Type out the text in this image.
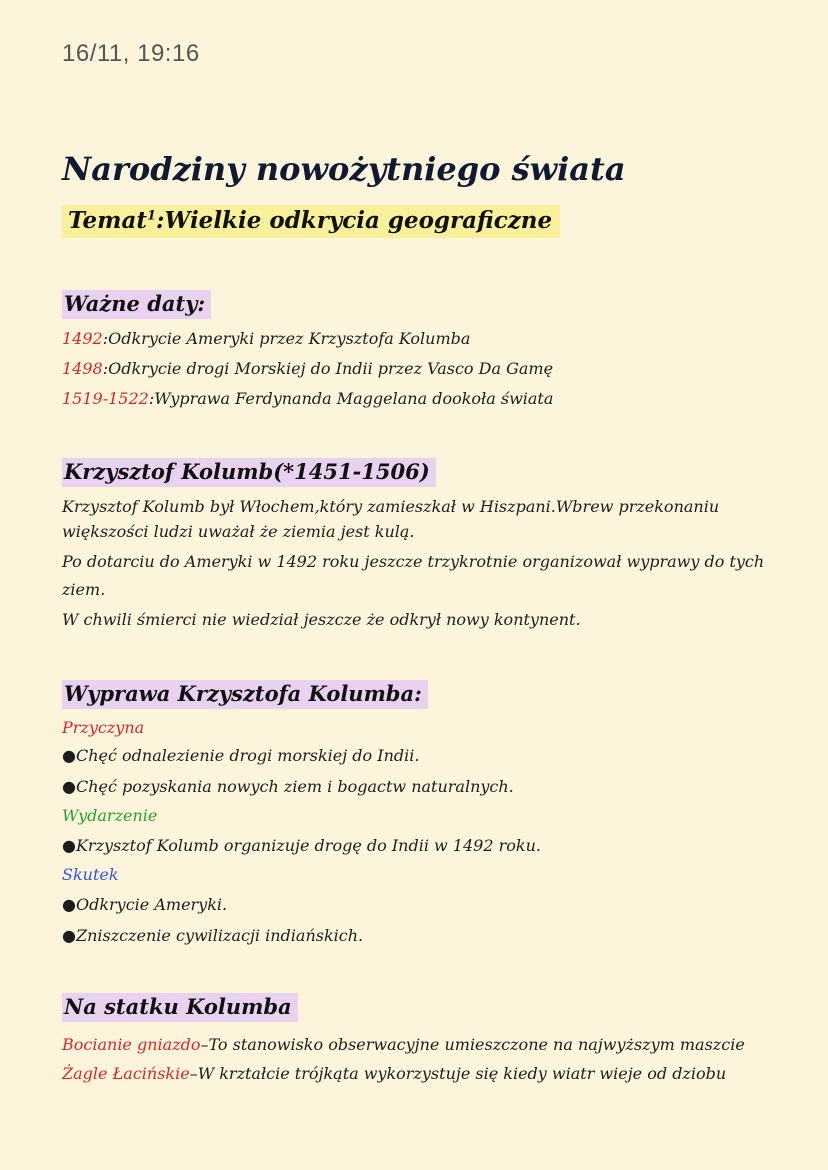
16/11, 19:16
Narodziny nowożytniego świata
Temat$^1$:Wielkie odkrycia geograficzne
Ważne daty:
1492:Odkrycie Ameryki przez Krzysztofa Kolumba
1498:Odkrycie drogi Morskiej do Indii przez Vasco Da Gamę
1519-1522:Wyprawa Ferdynanda Maggelana dookoła świata
Krzysztof Kolumb(*1451-1506)
Krzysztof Kolumb był Włochem,który zamieszkał w Hiszpani.Wbrew przekonaniu
większości ludzi uważał że ziemia jest kulą.
Po dotarciu do Ameryki w 1492 roku jeszcze trzykrotnie organizował wyprawy do tych
ziem.
W chwili śmierci nie wiedział jeszcze że odkrył nowy kontynent.
Wyprawa Krzysztofa Kolumba:
Przyczyna
●Chęć odnalezienie drogi morskiej do Indii.
●Chęć pozyskania nowych ziem i bogactw naturalnych.
Wydarzenie
●Krzysztof Kolumb organizuje drogę do Indii w 1492 roku.
Skutek
●Odkrycie Ameryki.
●Zniszczenie cywilizacji indiańskich.
Na statku Kolumba
Bocianie gniazdo–To stanowisko obserwacyjne umieszczone na najwyższym maszcie
Żagle Łacińskie–W krztałcie trójkąta wykorzystuje się kiedy wiatr wieje od dziobu
